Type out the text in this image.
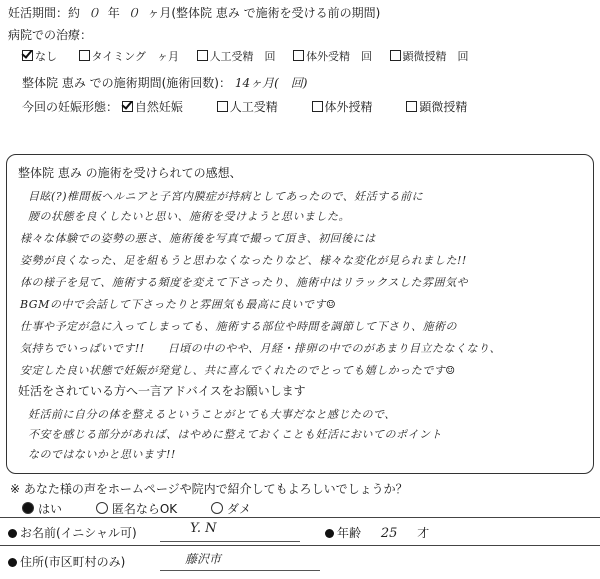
妊活期間：約 ０ 年 ０ ヶ月(整体院 恵み で施術を受ける前の期間)
病院での治療：
なし	タイミング　ヶ月	人工受精　回	体外受精　回	顕微授精　回
整体院 恵み での施術期間(施術回数)： 14ヶ月(　回)
今回の妊娠形態： 自然妊娠	人工受精	体外授精	顕微授精
整体院 恵み の施術を受けられての感想、
目眩(?)椎間板ヘルニアと子宮内膜症が持病としてあったので、妊活する前に
腰の状態を良くしたいと思い、施術を受けようと思いました。
様々な体験での姿勢の悪さ、施術後を写真で撮って頂き、初回後には
姿勢が良くなった、足を組もうと思わなくなったりなど、様々な変化が見られました!!
体の様子を見て、施術する頻度を変えて下さったり、施術中はリラックスした雰囲気や
BGMの中で会話して下さったりと雰囲気も最高に良いです☺
仕事や予定が急に入ってしまっても、施術する部位や時間を調節して下さり、施術の
気持ちでいっぱいです!!　　日頃の中のやや、月経・排卵の中でのがあまり目立たなくなり、
安定した良い状態で妊娠が発覚し、共に喜んでくれたのでとっても嬉しかったです☺
妊活をされている方へ一言アドバイスをお願いします
妊活前に自分の体を整えるということがとても大事だなと感じたので、
不安を感じる部分があれば、はやめに整えておくことも妊活においてのポイント
なのではないかと思います!!
※ あなた様の声をホームページや院内で紹介してもよろしいでしょうか？
はい	匿名ならOK	ダメ
お名前(イニシャル可)	Y. N	年齢 25 才
住所(市区町村のみ)	藤沢市
